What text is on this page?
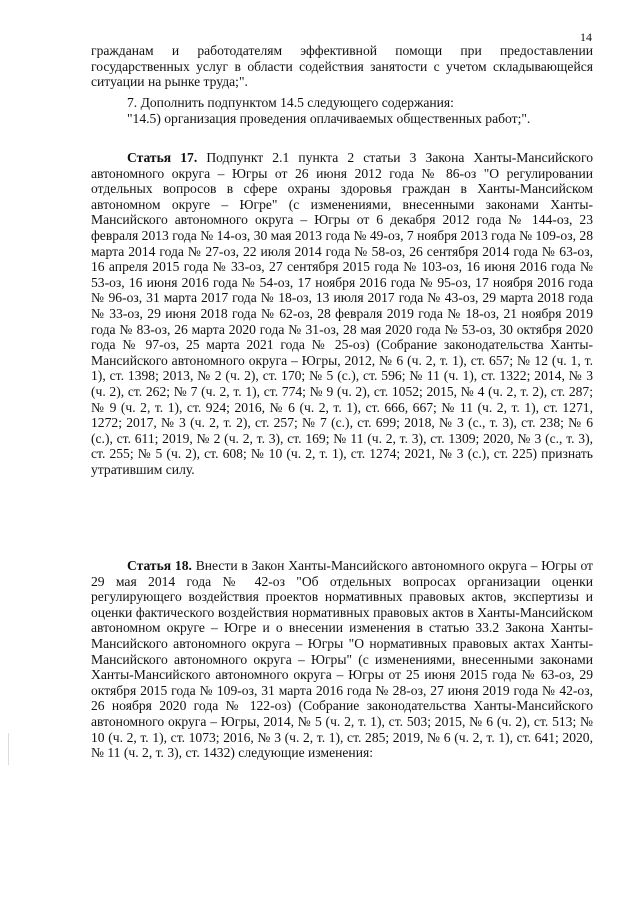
14

гражданам и работодателям эффективной помощи при предоставлении государственных услуг в области содействия занятости с учетом складывающейся ситуации на рынке труда;".

7. Дополнить подпунктом 14.5 следующего содержания:

"14.5) организация проведения оплачиваемых общественных работ;".

Статья 17. Подпункт 2.1 пункта 2 статьи 3 Закона Ханты-Мансийского автономного округа – Югры от 26 июня 2012 года № 86-оз "О регулировании отдельных вопросов в сфере охраны здоровья граждан в Ханты-Мансийском автономном округе – Югре" (с изменениями, внесенными законами Ханты-Мансийского автономного округа – Югры от 6 декабря 2012 года № 144-оз, 23 февраля 2013 года № 14-оз, 30 мая 2013 года № 49-оз, 7 ноября 2013 года № 109-оз, 28 марта 2014 года № 27-оз, 22 июля 2014 года № 58-оз, 26 сентября 2014 года № 63-оз, 16 апреля 2015 года № 33-оз, 27 сентября 2015 года № 103-оз, 16 июня 2016 года № 53-оз, 16 июня 2016 года № 54-оз, 17 ноября 2016 года № 95-оз, 17 ноября 2016 года № 96-оз, 31 марта 2017 года № 18-оз, 13 июля 2017 года № 43-оз, 29 марта 2018 года № 33-оз, 29 июня 2018 года № 62-оз, 28 февраля 2019 года № 18-оз, 21 ноября 2019 года № 83-оз, 26 марта 2020 года № 31-оз, 28 мая 2020 года № 53-оз, 30 октября 2020 года № 97-оз, 25 марта 2021 года № 25-оз) (Собрание законодательства Ханты-Мансийского автономного округа – Югры, 2012, № 6 (ч. 2, т. 1), ст. 657; № 12 (ч. 1, т. 1), ст. 1398; 2013, № 2 (ч. 2), ст. 170; № 5 (с.), ст. 596; № 11 (ч. 1), ст. 1322; 2014, № 3 (ч. 2), ст. 262; № 7 (ч. 2, т. 1), ст. 774; № 9 (ч. 2), ст. 1052; 2015, № 4 (ч. 2, т. 2), ст. 287; № 9 (ч. 2, т. 1), ст. 924; 2016, № 6 (ч. 2, т. 1), ст. 666, 667; № 11 (ч. 2, т. 1), ст. 1271, 1272; 2017, № 3 (ч. 2, т. 2), ст. 257; № 7 (с.), ст. 699; 2018, № 3 (с., т. 3), ст. 238; № 6 (с.), ст. 611; 2019, № 2 (ч. 2, т. 3), ст. 169; № 11 (ч. 2, т. 3), ст. 1309; 2020, № 3 (с., т. 3), ст. 255; № 5 (ч. 2), ст. 608; № 10 (ч. 2, т. 1), ст. 1274; 2021, № 3 (с.), ст. 225) признать утратившим силу.

Статья 18. Внести в Закон Ханты-Мансийского автономного округа – Югры от 29 мая 2014 года № 42-оз "Об отдельных вопросах организации оценки регулирующего воздействия проектов нормативных правовых актов, экспертизы и оценки фактического воздействия нормативных правовых актов в Ханты-Мансийском автономном округе – Югре и о внесении изменения в статью 33.2 Закона Ханты-Мансийского автономного округа – Югры "О нормативных правовых актах Ханты-Мансийского автономного округа – Югры" (с изменениями, внесенными законами Ханты-Мансийского автономного округа – Югры от 25 июня 2015 года № 63-оз, 29 октября 2015 года № 109-оз, 31 марта 2016 года № 28-оз, 27 июня 2019 года № 42-оз, 26 ноября 2020 года № 122-оз) (Собрание законодательства Ханты-Мансийского автономного округа – Югры, 2014, № 5 (ч. 2, т. 1), ст. 503; 2015, № 6 (ч. 2), ст. 513; № 10 (ч. 2, т. 1), ст. 1073; 2016, № 3 (ч. 2, т. 1), ст. 285; 2019, № 6 (ч. 2, т. 1), ст. 641; 2020, № 11 (ч. 2, т. 3), ст. 1432) следующие изменения:
